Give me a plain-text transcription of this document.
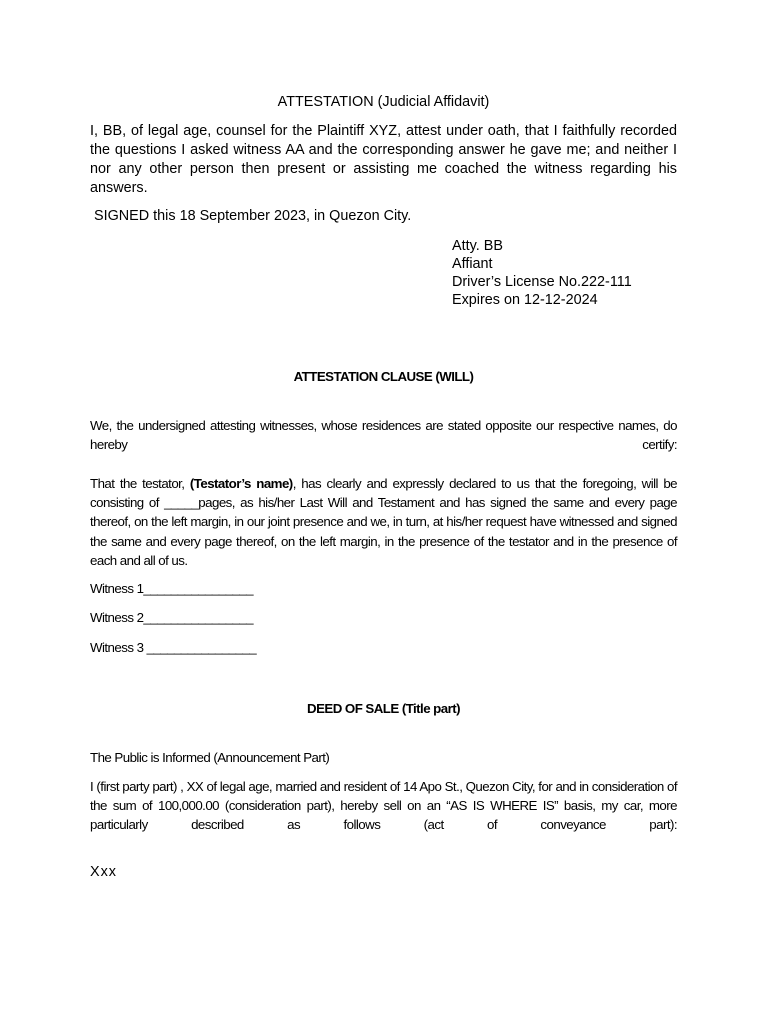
ATTESTATION (Judicial Affidavit)

I, BB, of legal age, counsel for the Plaintiff XYZ, attest under oath, that I faithfully recorded the questions I asked witness AA and the corresponding answer he gave me; and neither I nor any other person then present or assisting me coached the witness regarding his answers.

SIGNED this 18 September 2023, in Quezon City.
Atty. BB
Affiant
Driver’s License No.222-111
Expires on 12-12-2024
ATTESTATION CLAUSE (WILL)

We, the undersigned attesting witnesses, whose residences are stated opposite our respective names, do hereby certify:

That the testator, (Testator’s name), has clearly and expressly declared to us that the foregoing, will be consisting of _____pages, as his/her Last Will and Testament and has signed the same and every page thereof, on the left margin, in our joint presence and we, in turn, at his/her request have witnessed and signed the same and every page thereof, on the left margin, in the presence of the testator and in the presence of each and all of us.

Witness 1________________
Witness 2________________
Witness 3 ________________
DEED OF SALE (Title part)
The Public is Informed (Announcement Part)

I (first party part) , XX of legal age, married and resident of 14 Apo St., Quezon City, for and in consideration of the sum of 100,000.00 (consideration part), hereby sell on an “AS IS WHERE IS” basis, my car, more particularly described as follows (act of conveyance part):

Xxx
